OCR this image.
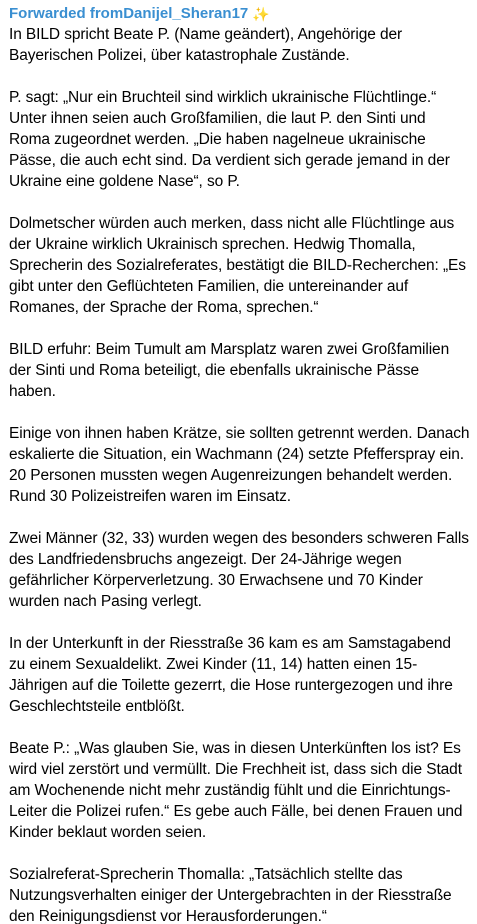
Forwarded from Danijel_Sheran17 ✨

In BILD spricht Beate P. (Name geändert), Angehörige der Bayerischen Polizei, über katastrophale Zustände.

P. sagt: „Nur ein Bruchteil sind wirklich ukrainische Flüchtlinge.“ Unter ihnen seien auch Großfamilien, die laut P. den Sinti und Roma zugeordnet werden. „Die haben nagelneue ukrainische Pässe, die auch echt sind. Da verdient sich gerade jemand in der Ukraine eine goldene Nase“, so P.

Dolmetscher würden auch merken, dass nicht alle Flüchtlinge aus der Ukraine wirklich Ukrainisch sprechen. Hedwig Thomalla, Sprecherin des Sozialreferates, bestätigt die BILD-Recherchen: „Es gibt unter den Geflüchteten Familien, die untereinander auf Romanes, der Sprache der Roma, sprechen.“

BILD erfuhr: Beim Tumult am Marsplatz waren zwei Großfamilien der Sinti und Roma beteiligt, die ebenfalls ukrainische Pässe haben.

Einige von ihnen haben Krätze, sie sollten getrennt werden. Danach eskalierte die Situation, ein Wachmann (24) setzte Pfefferspray ein. 20 Personen mussten wegen Augenreizungen behandelt werden. Rund 30 Polizeistreifen waren im Einsatz.

Zwei Männer (32, 33) wurden wegen des besonders schweren Falls des Landfriedensbruchs angezeigt. Der 24-Jährige wegen gefährlicher Körperverletzung. 30 Erwachsene und 70 Kinder wurden nach Pasing verlegt.

In der Unterkunft in der Riesstraße 36 kam es am Samstagabend zu einem Sexualdelikt. Zwei Kinder (11, 14) hatten einen 15-Jährigen auf die Toilette gezerrt, die Hose runtergezogen und ihre Geschlechtsteile entblößt.

Beate P.: „Was glauben Sie, was in diesen Unterkünften los ist? Es wird viel zerstört und vermüllt. Die Frechheit ist, dass sich die Stadt am Wochenende nicht mehr zuständig fühlt und die Einrichtungs-Leiter die Polizei rufen.“ Es gebe auch Fälle, bei denen Frauen und Kinder beklaut worden seien.

Sozialreferat-Sprecherin Thomalla: „Tatsächlich stellte das Nutzungsverhalten einiger der Untergebrachten in der Riesstraße den Reinigungsdienst vor Herausforderungen.“
